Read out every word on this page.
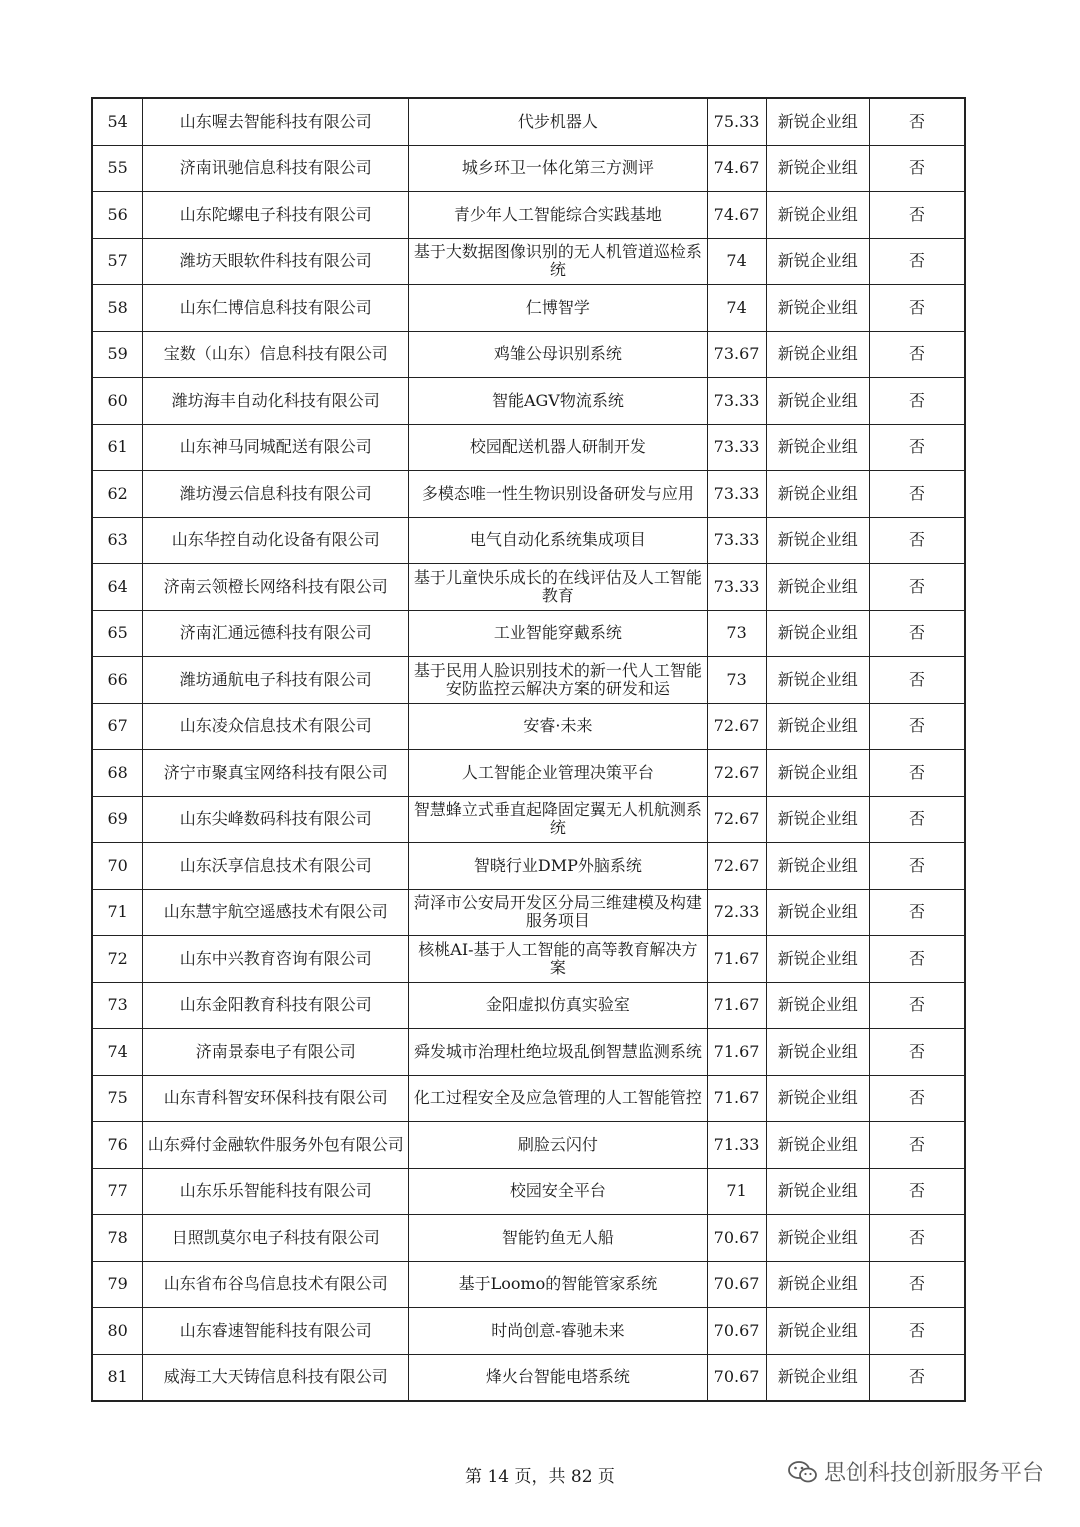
54	山东喔去智能科技有限公司	代步机器人	75.33	新锐企业组	否
55	济南讯驰信息科技有限公司	城乡环卫一体化第三方测评	74.67	新锐企业组	否
56	山东陀螺电子科技有限公司	青少年人工智能综合实践基地	74.67	新锐企业组	否
57	潍坊天眼软件科技有限公司	基于大数据图像识别的无人机管道巡检系统	74	新锐企业组	否
58	山东仁博信息科技有限公司	仁博智学	74	新锐企业组	否
59	宝数（山东）信息科技有限公司	鸡雏公母识别系统	73.67	新锐企业组	否
60	潍坊海丰自动化科技有限公司	智能AGV物流系统	73.33	新锐企业组	否
61	山东神马同城配送有限公司	校园配送机器人研制开发	73.33	新锐企业组	否
62	潍坊漫云信息科技有限公司	多模态唯一性生物识别设备研发与应用	73.33	新锐企业组	否
63	山东华控自动化设备有限公司	电气自动化系统集成项目	73.33	新锐企业组	否
64	济南云领橙长网络科技有限公司	基于儿童快乐成长的在线评估及人工智能教育	73.33	新锐企业组	否
65	济南汇通远德科技有限公司	工业智能穿戴系统	73	新锐企业组	否
66	潍坊通航电子科技有限公司	基于民用人脸识别技术的新一代人工智能安防监控云解决方案的研发和运	73	新锐企业组	否
67	山东凌众信息技术有限公司	安睿·未来	72.67	新锐企业组	否
68	济宁市聚真宝网络科技有限公司	人工智能企业管理决策平台	72.67	新锐企业组	否
69	山东尖峰数码科技有限公司	智慧蜂立式垂直起降固定翼无人机航测系统	72.67	新锐企业组	否
70	山东沃享信息技术有限公司	智晓行业DMP外脑系统	72.67	新锐企业组	否
71	山东慧宇航空遥感技术有限公司	菏泽市公安局开发区分局三维建模及构建服务项目	72.33	新锐企业组	否
72	山东中兴教育咨询有限公司	核桃AI-基于人工智能的高等教育解决方案	71.67	新锐企业组	否
73	山东金阳教育科技有限公司	金阳虚拟仿真实验室	71.67	新锐企业组	否
74	济南景泰电子有限公司	舜发城市治理杜绝垃圾乱倒智慧监测系统	71.67	新锐企业组	否
75	山东青科智安环保科技有限公司	化工过程安全及应急管理的人工智能管控	71.67	新锐企业组	否
76	山东舜付金融软件服务外包有限公司	刷脸云闪付	71.33	新锐企业组	否
77	山东乐乐智能科技有限公司	校园安全平台	71	新锐企业组	否
78	日照凯莫尔电子科技有限公司	智能钓鱼无人船	70.67	新锐企业组	否
79	山东省布谷鸟信息技术有限公司	基于Loomo的智能管家系统	70.67	新锐企业组	否
80	山东睿速智能科技有限公司	时尚创意-睿驰未来	70.67	新锐企业组	否
81	威海工大天铸信息科技有限公司	烽火台智能电塔系统	70.67	新锐企业组	否
第 14 页，共 82 页	思创科技创新服务平台
